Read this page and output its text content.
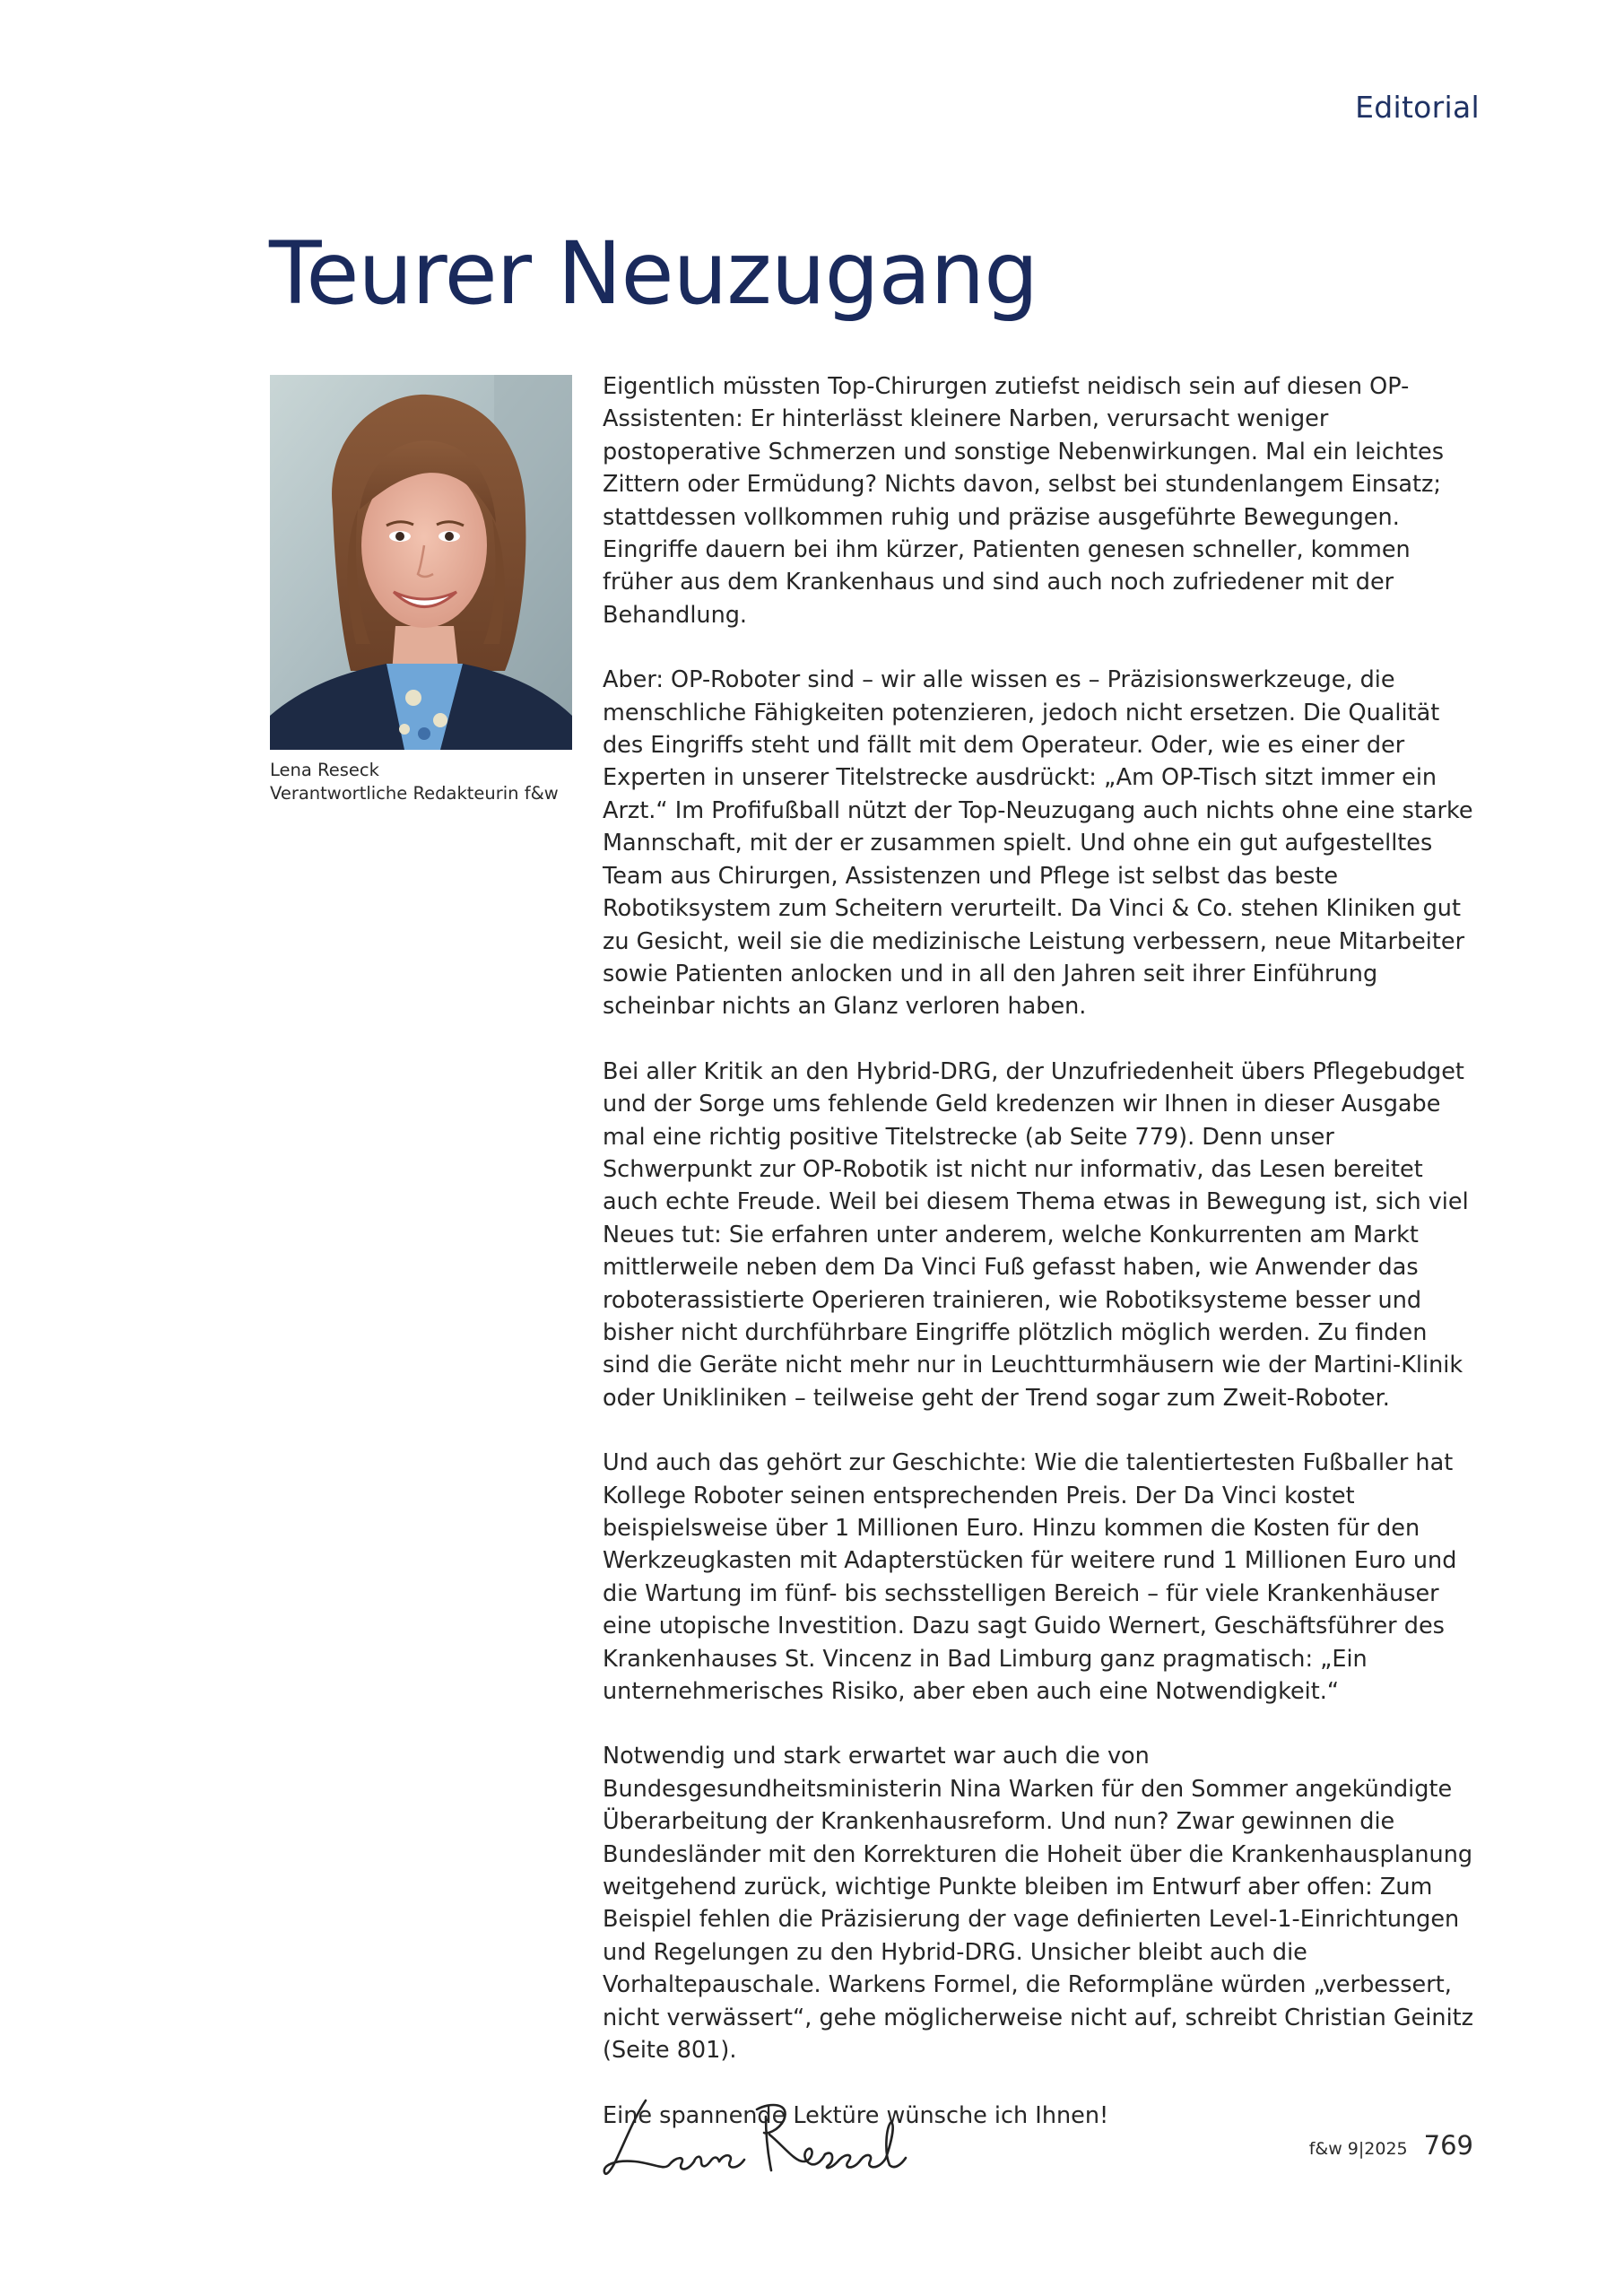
Editorial
Teurer Neuzugang
Lena Reseck
Verantwortliche Redakteurin f&w

Eigentlich müssten Top-Chirurgen zutiefst neidisch sein auf diesen OP-Assistenten: Er hinterlässt kleinere Narben, verursacht weniger postoperative Schmerzen und sonstige Nebenwirkungen. Mal ein leichtes Zittern oder Ermüdung? Nichts davon, selbst bei stundenlangem Einsatz; stattdessen vollkommen ruhig und präzise ausgeführte Bewegungen. Eingriffe dauern bei ihm kürzer, Patienten genesen schneller, kommen früher aus dem Krankenhaus und sind auch noch zufriedener mit der Behandlung.

Aber: OP-Roboter sind – wir alle wissen es – Präzisionswerkzeuge, die menschliche Fähigkeiten potenzieren, jedoch nicht ersetzen. Die Qualität des Eingriffs steht und fällt mit dem Operateur. Oder, wie es einer der Experten in unserer Titelstrecke ausdrückt: „Am OP-Tisch sitzt immer ein Arzt.“ Im Profifußball nützt der Top-Neuzugang auch nichts ohne eine starke Mannschaft, mit der er zusammen spielt. Und ohne ein gut aufgestelltes Team aus Chirurgen, Assistenzen und Pflege ist selbst das beste Robotiksystem zum Scheitern verurteilt. Da Vinci & Co. stehen Kliniken gut zu Gesicht, weil sie die medizinische Leistung verbessern, neue Mitarbeiter sowie Patienten anlocken und in all den Jahren seit ihrer Einführung scheinbar nichts an Glanz verloren haben.

Bei aller Kritik an den Hybrid-DRG, der Unzufriedenheit übers Pflegebudget und der Sorge ums fehlende Geld kredenzen wir Ihnen in dieser Ausgabe mal eine richtig positive Titelstrecke (ab Seite 779). Denn unser Schwerpunkt zur OP-Robotik ist nicht nur informativ, das Lesen bereitet auch echte Freude. Weil bei diesem Thema etwas in Bewegung ist, sich viel Neues tut: Sie erfahren unter anderem, welche Konkurrenten am Markt mittlerweile neben dem Da Vinci Fuß gefasst haben, wie Anwender das roboterassistierte Operieren trainieren, wie Robotiksysteme besser und bisher nicht durchführbare Eingriffe plötzlich möglich werden. Zu finden sind die Geräte nicht mehr nur in Leuchtturmhäusern wie der Martini-Klinik oder Unikliniken – teilweise geht der Trend sogar zum Zweit-Roboter.

Und auch das gehört zur Geschichte: Wie die talentiertesten Fußballer hat Kollege Roboter seinen entsprechenden Preis. Der Da Vinci kostet beispielsweise über 1 Millionen Euro. Hinzu kommen die Kosten für den Werkzeugkasten mit Adapterstücken für weitere rund 1 Millionen Euro und die Wartung im fünf- bis sechsstelligen Bereich – für viele Krankenhäuser eine utopische Investition. Dazu sagt Guido Wernert, Geschäftsführer des Krankenhauses St. Vincenz in Bad Limburg ganz pragmatisch: „Ein unternehmerisches Risiko, aber eben auch eine Notwendigkeit.“

Notwendig und stark erwartet war auch die von Bundesgesundheitsministerin Nina Warken für den Sommer angekündigte Überarbeitung der Krankenhausreform. Und nun? Zwar gewinnen die Bundesländer mit den Korrekturen die Hoheit über die Krankenhausplanung weitgehend zurück, wichtige Punkte bleiben im Entwurf aber offen: Zum Beispiel fehlen die Präzisierung der vage definierten Level-1-Einrichtungen und Regelungen zu den Hybrid-DRG. Unsicher bleibt auch die Vorhaltepauschale. Warkens Formel, die Reformpläne würden „verbessert, nicht verwässert“, gehe möglicherweise nicht auf, schreibt Christian Geinitz (Seite 801).

Eine spannende Lektüre wünsche ich Ihnen!

f&w 9|2025 769
